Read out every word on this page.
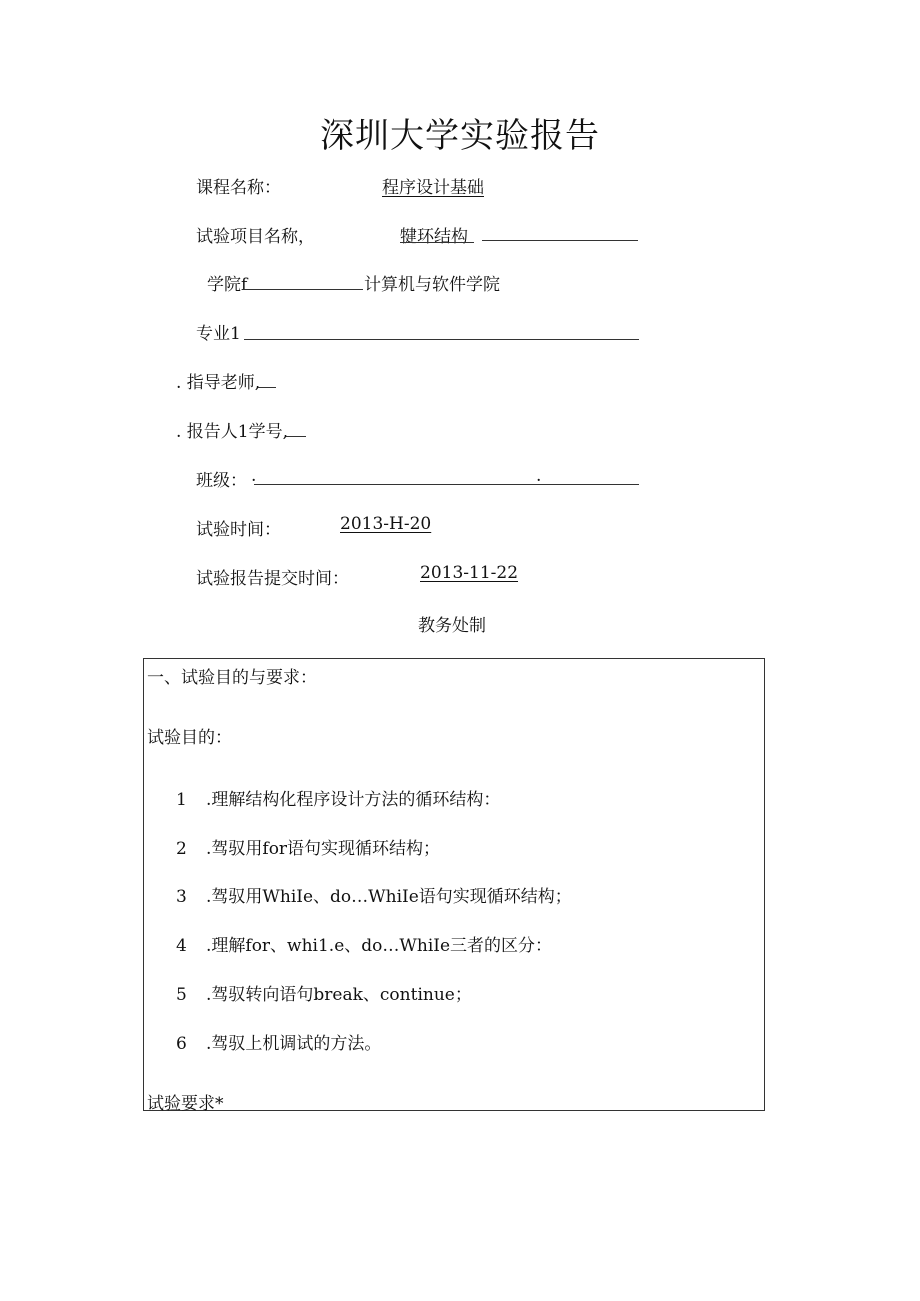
深圳大学实验报告
课程名称：	程序设计基础
试验项目名称，	犍环结构
学院f	计算机与软件学院
专业1
. 指导老师,
. 报告人1学号,
班级： .	.
试验时间：	2013-H-20
试验报告提交时间：	2013-11-22
教务处制
一、试验目的与要求：
试验目的：
1 .理解结构化程序设计方法的循环结构：
2 .驾驭用for语句实现循环结构；
3 .驾驭用WhiIe、do…WhiIe语句实现循环结构；
4 .理解for、whi1.e、do…WhiIe三者的区分：
5 .驾驭转向语句break、continue；
6 .驾驭上机调试的方法。
试验要求*
